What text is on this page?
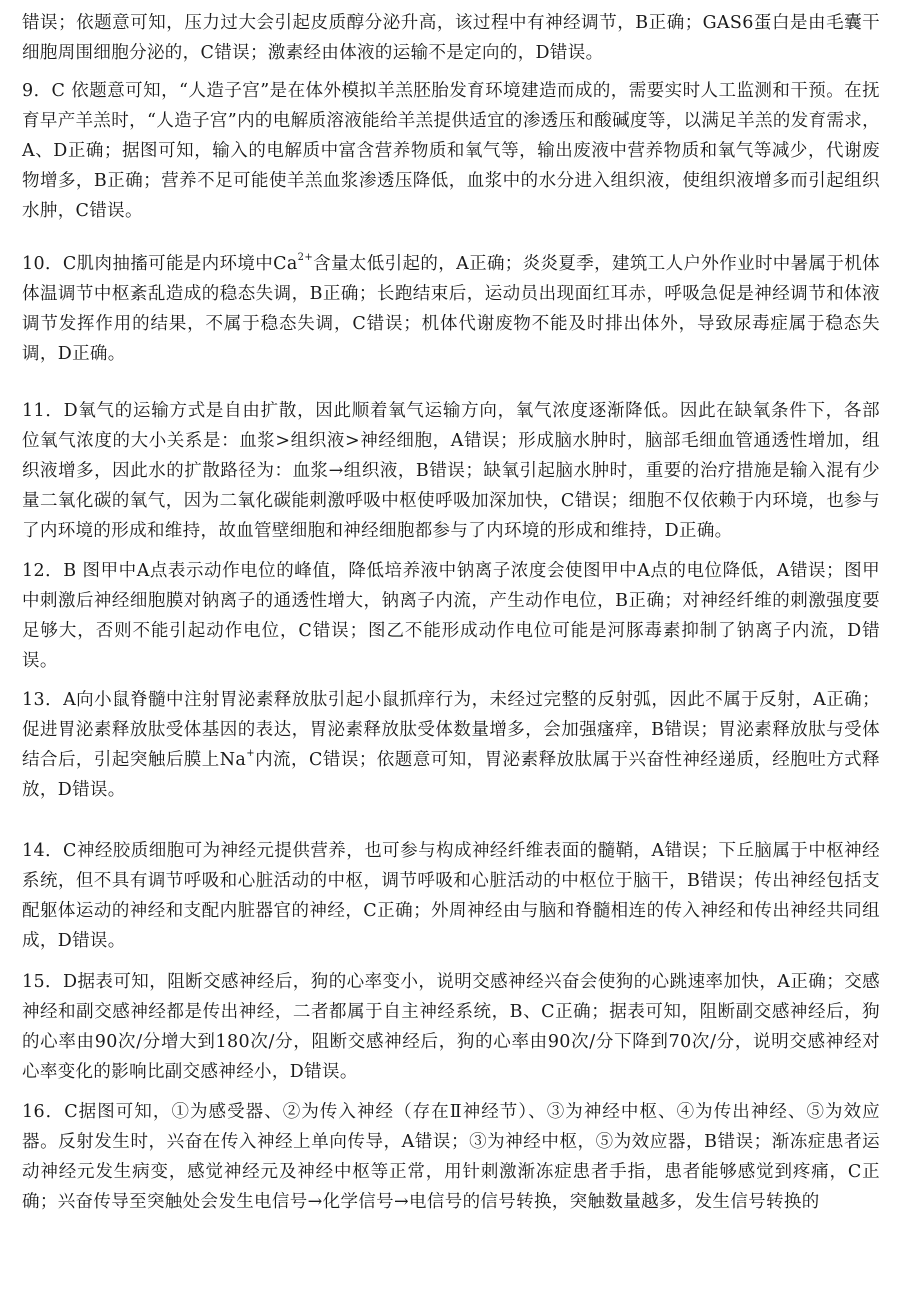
错误；依题意可知，压力过大会引起皮质醇分泌升高，该过程中有神经调节，B正确；GAS6蛋白是由毛囊干细胞周围细胞分泌的，C错误；激素经由体液的运输不是定向的，D错误。

9．C 依题意可知，“人造子宫”是在体外模拟羊羔胚胎发育环境建造而成的，需要实时人工监测和干预。在抚育早产羊羔时，“人造子宫”内的电解质溶液能给羊羔提供适宜的渗透压和酸碱度等，以满足羊羔的发育需求，A、D正确；据图可知，输入的电解质中富含营养物质和氧气等，输出废液中营养物质和氧气等减少，代谢废物增多，B正确；营养不足可能使羊羔血浆渗透压降低，血浆中的水分进入组织液，使组织液增多而引起组织水肿，C错误。

10．C肌肉抽搐可能是内环境中$Ca^{2+}$含量太低引起的，A正确；炎炎夏季，建筑工人户外作业时中暑属于机体体温调节中枢紊乱造成的稳态失调，B正确；长跑结束后，运动员出现面红耳赤，呼吸急促是神经调节和体液调节发挥作用的结果，不属于稳态失调，C错误；机体代谢废物不能及时排出体外，导致尿毒症属于稳态失调，D正确。

11．D氧气的运输方式是自由扩散，因此顺着氧气运输方向，氧气浓度逐渐降低。因此在缺氧条件下，各部位氧气浓度的大小关系是：血浆>组织液>神经细胞，A错误；形成脑水肿时，脑部毛细血管通透性增加，组织液增多，因此水的扩散路径为：血浆→组织液，B错误；缺氧引起脑水肿时，重要的治疗措施是输入混有少量二氧化碳的氧气，因为二氧化碳能刺激呼吸中枢使呼吸加深加快，C错误；细胞不仅依赖于内环境，也参与了内环境的形成和维持，故血管壁细胞和神经细胞都参与了内环境的形成和维持，D正确。

12．B 图甲中A点表示动作电位的峰值，降低培养液中钠离子浓度会使图甲中A点的电位降低，A错误；图甲中刺激后神经细胞膜对钠离子的通透性增大，钠离子内流，产生动作电位，B正确；对神经纤维的刺激强度要足够大，否则不能引起动作电位，C错误；图乙不能形成动作电位可能是河豚毒素抑制了钠离子内流，D错误。

13．A向小鼠脊髓中注射胃泌素释放肽引起小鼠抓痒行为，未经过完整的反射弧，因此不属于反射，A正确；促进胃泌素释放肽受体基因的表达，胃泌素释放肽受体数量增多，会加强瘙痒，B错误；胃泌素释放肽与受体结合后，引起突触后膜上Na+内流，C错误；依题意可知，胃泌素释放肽属于兴奋性神经递质，经胞吐方式释放，D错误。

14．C神经胶质细胞可为神经元提供营养，也可参与构成神经纤维表面的髓鞘，A错误；下丘脑属于中枢神经系统，但不具有调节呼吸和心脏活动的中枢，调节呼吸和心脏活动的中枢位于脑干，B错误；传出神经包括支配躯体运动的神经和支配内脏器官的神经，C正确；外周神经由与脑和脊髓相连的传入神经和传出神经共同组成，D错误。

15．D据表可知，阻断交感神经后，狗的心率变小，说明交感神经兴奋会使狗的心跳速率加快，A正确；交感神经和副交感神经都是传出神经，二者都属于自主神经系统，B、C正确；据表可知，阻断副交感神经后，狗的心率由90次/分增大到180次/分，阻断交感神经后，狗的心率由90次/分下降到70次/分，说明交感神经对心率变化的影响比副交感神经小，D错误。

16．C据图可知，①为感受器、②为传入神经（存在Ⅱ神经节）、③为神经中枢、④为传出神经、⑤为效应器。反射发生时，兴奋在传入神经上单向传导，A错误；③为神经中枢，⑤为效应器，B错误；渐冻症患者运动神经元发生病变，感觉神经元及神经中枢等正常，用针刺激渐冻症患者手指，患者能够感觉到疼痛，C正确；兴奋传导至突触处会发生电信号→化学信号→电信号的信号转换，突触数量越多，发生信号转换的
